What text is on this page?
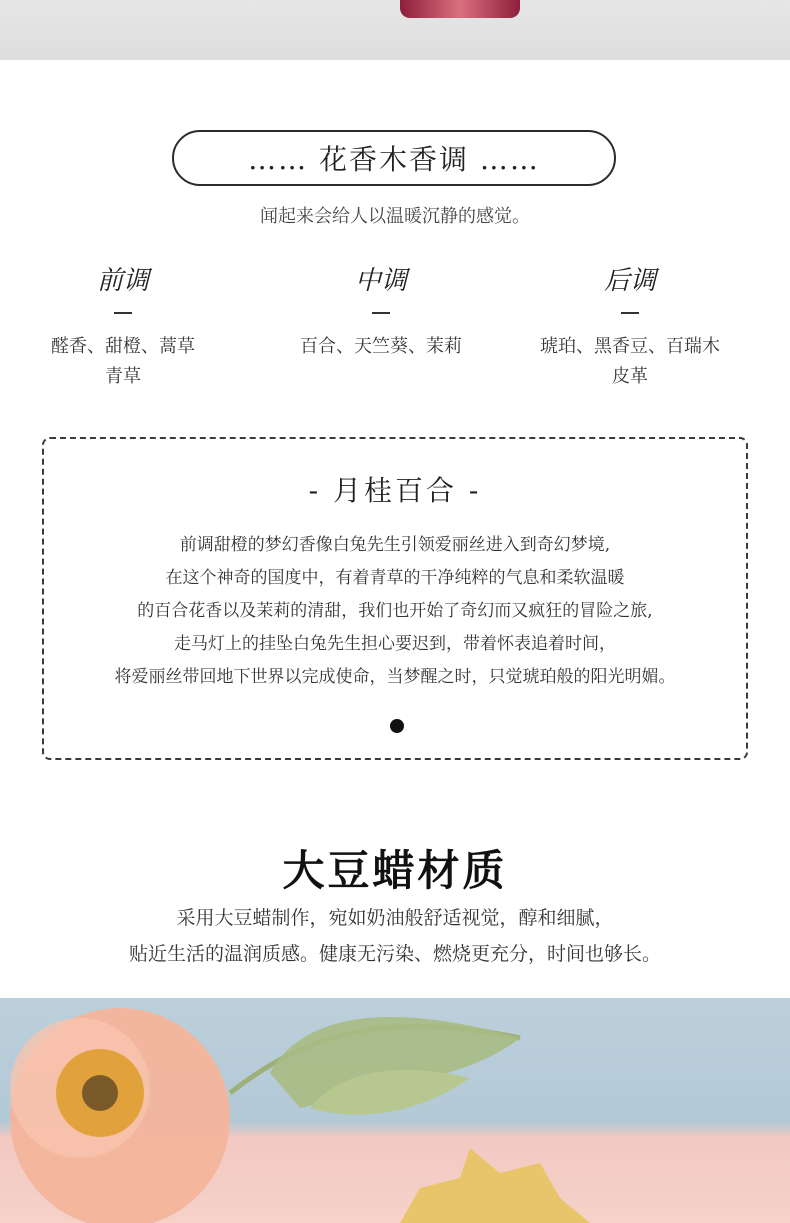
…… 花香木香调 ……
闻起来会给人以温暖沉静的感觉。
前调
醛香、甜橙、蒿草
青草
中调
百合、天竺葵、茉莉
后调
琥珀、黑香豆、百瑞木
皮革
- 月桂百合 -
前调甜橙的梦幻香像白兔先生引领爱丽丝进入到奇幻梦境,
在这个神奇的国度中，有着青草的干净纯粹的气息和柔软温暖
的百合花香以及茉莉的清甜，我们也开始了奇幻而又疯狂的冒险之旅,
走马灯上的挂坠白兔先生担心要迟到，带着怀表追着时间，
将爱丽丝带回地下世界以完成使命，当梦醒之时，只觉琥珀般的阳光明媚。
大豆蜡材质
采用大豆蜡制作，宛如奶油般舒适视觉，醇和细腻，
贴近生活的温润质感。健康无污染、燃烧更充分，时间也够长。
